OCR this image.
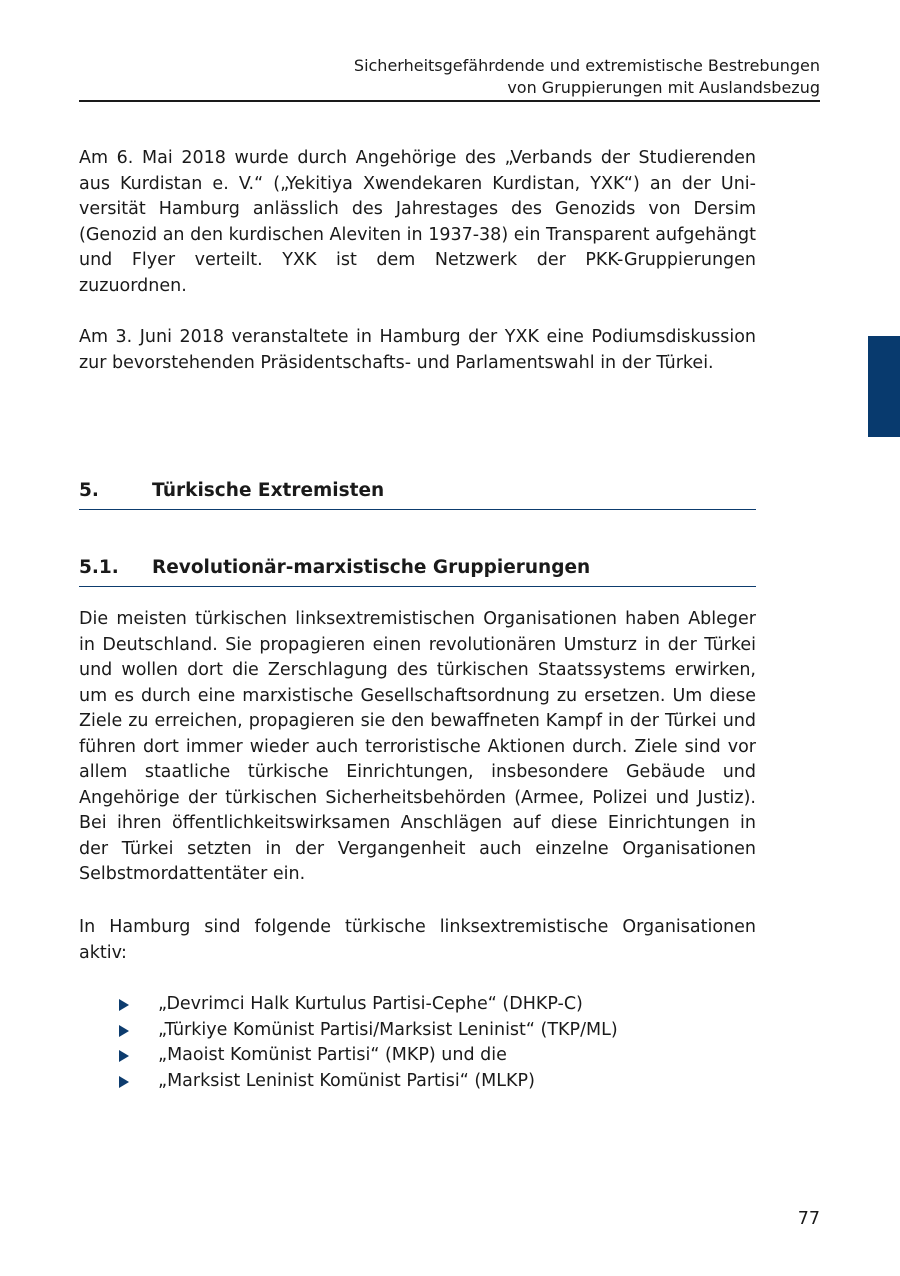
Sicherheitsgefährdende und extremistische Bestrebungen
von Gruppierungen mit Auslandsbezug

Am 6. Mai 2018 wurde durch Angehörige des „Verbands der Studierenden aus Kurdistan e. V.“ („Yekitiya Xwendekaren Kurdistan, YXK“) an der Universität Hamburg anlässlich des Jahrestages des Genozids von Dersim (Genozid an den kurdischen Aleviten in 1937-38) ein Transparent aufgehängt und Flyer verteilt. YXK ist dem Netzwerk der PKK-Gruppierungen zuzuordnen.

Am 3. Juni 2018 veranstaltete in Hamburg der YXK eine Podiumsdiskussion zur bevorstehenden Präsidentschafts- und Parlamentswahl in der Türkei.

5.	Türkische Extremisten
5.1. Revolutionär-marxistische Gruppierungen

Die meisten türkischen linksextremistischen Organisationen haben Ableger in Deutschland. Sie propagieren einen revolutionären Umsturz in der Türkei und wollen dort die Zerschlagung des türkischen Staatssystems erwirken, um es durch eine marxistische Gesellschaftsordnung zu ersetzen. Um diese Ziele zu erreichen, propagieren sie den bewaffneten Kampf in der Türkei und führen dort immer wieder auch terroristische Aktionen durch. Ziele sind vor allem staatliche türkische Einrichtungen, insbesondere Gebäude und Angehörige der türkischen Sicherheitsbehörden (Armee, Polizei und Justiz). Bei ihren öffentlichkeitswirksamen Anschlägen auf diese Einrichtungen in der Türkei setzten in der Vergangenheit auch einzelne Organisationen Selbstmordattentäter ein.

In Hamburg sind folgende türkische linksextremistische Organisationen aktiv:

„Devrimci Halk Kurtulus Partisi-Cephe“ (DHKP-C)
„Türkiye Komünist Partisi/Marksist Leninist“ (TKP/ML)
„Maoist Komünist Partisi“ (MKP) und die
„Marksist Leninist Komünist Partisi“ (MLKP)
77
